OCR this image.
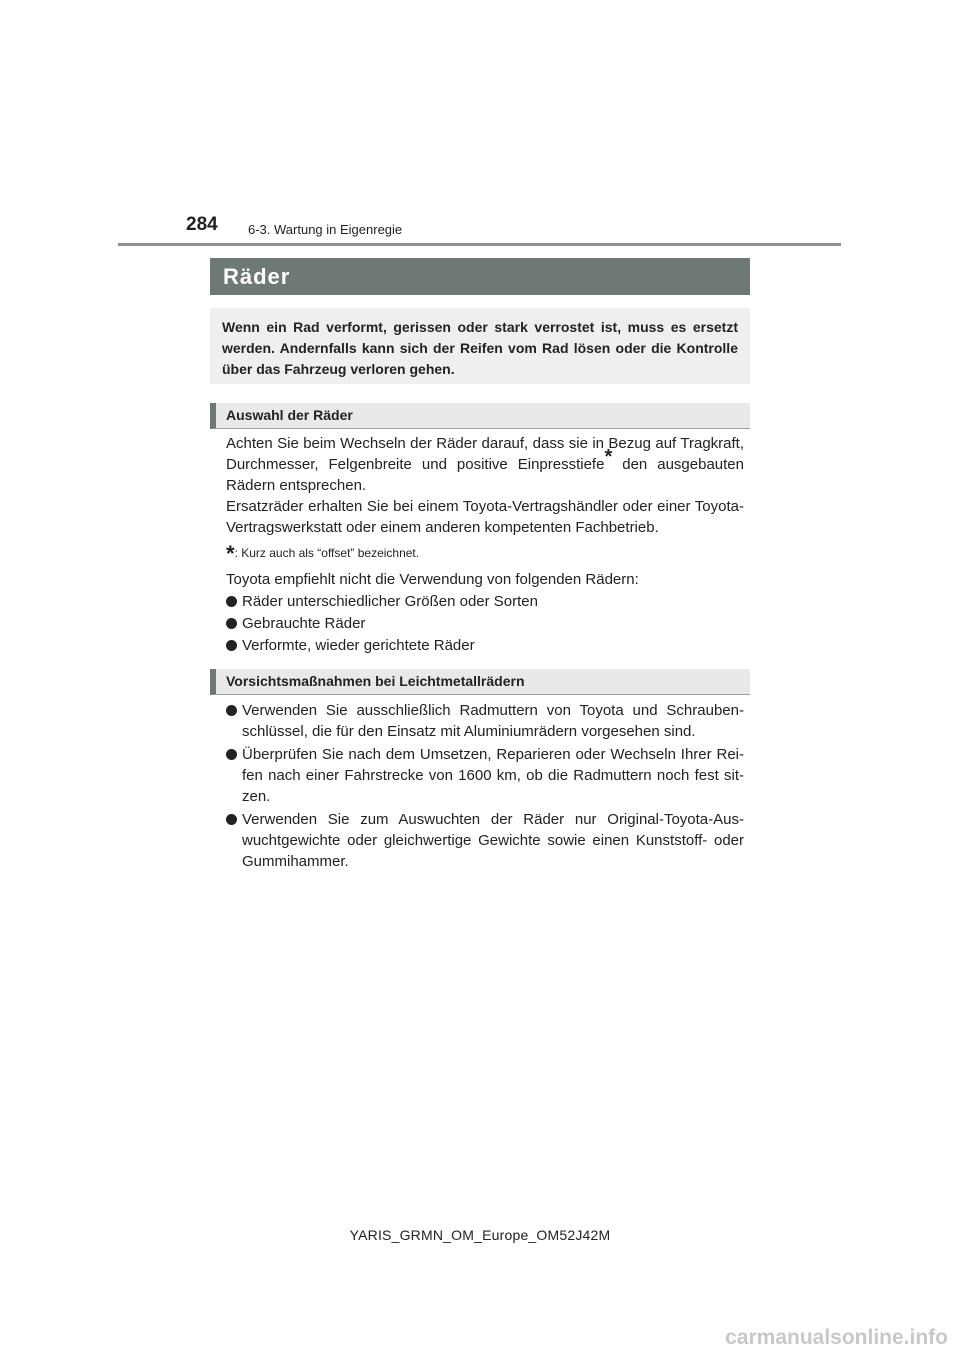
284 6-3. Wartung in Eigenregie
Räder
Wenn ein Rad verformt, gerissen oder stark verrostet ist, muss es ersetzt werden. Andernfalls kann sich der Reifen vom Rad lösen oder die Kontrolle über das Fahrzeug verloren gehen.
Auswahl der Räder
Achten Sie beim Wechseln der Räder darauf, dass sie in Bezug auf Tragkraft, Durchmesser, Felgenbreite und positive Einpresstiefe* den ausgebauten Rädern entsprechen.
Ersatzräder erhalten Sie bei einem Toyota-Vertragshändler oder einer Toyota-Vertragswerkstatt oder einem anderen kompetenten Fachbetrieb.
*: Kurz auch als “offset” bezeichnet.
Toyota empfiehlt nicht die Verwendung von folgenden Rädern:
Räder unterschiedlicher Größen oder Sorten
Gebrauchte Räder
Verformte, wieder gerichtete Räder
Vorsichtsmaßnahmen bei Leichtmetallrädern
Verwenden Sie ausschließlich Radmuttern von Toyota und Schraubenschlüssel, die für den Einsatz mit Aluminiumrädern vorgesehen sind.
Überprüfen Sie nach dem Umsetzen, Reparieren oder Wechseln Ihrer Reifen nach einer Fahrstrecke von 1600 km, ob die Radmuttern noch fest sitzen.
Verwenden Sie zum Auswuchten der Räder nur Original-Toyota-Auswuchtgewichte oder gleichwertige Gewichte sowie einen Kunststoff- oder Gummihammer.
YARIS_GRMN_OM_Europe_OM52J42M
carmanualsonline.info
